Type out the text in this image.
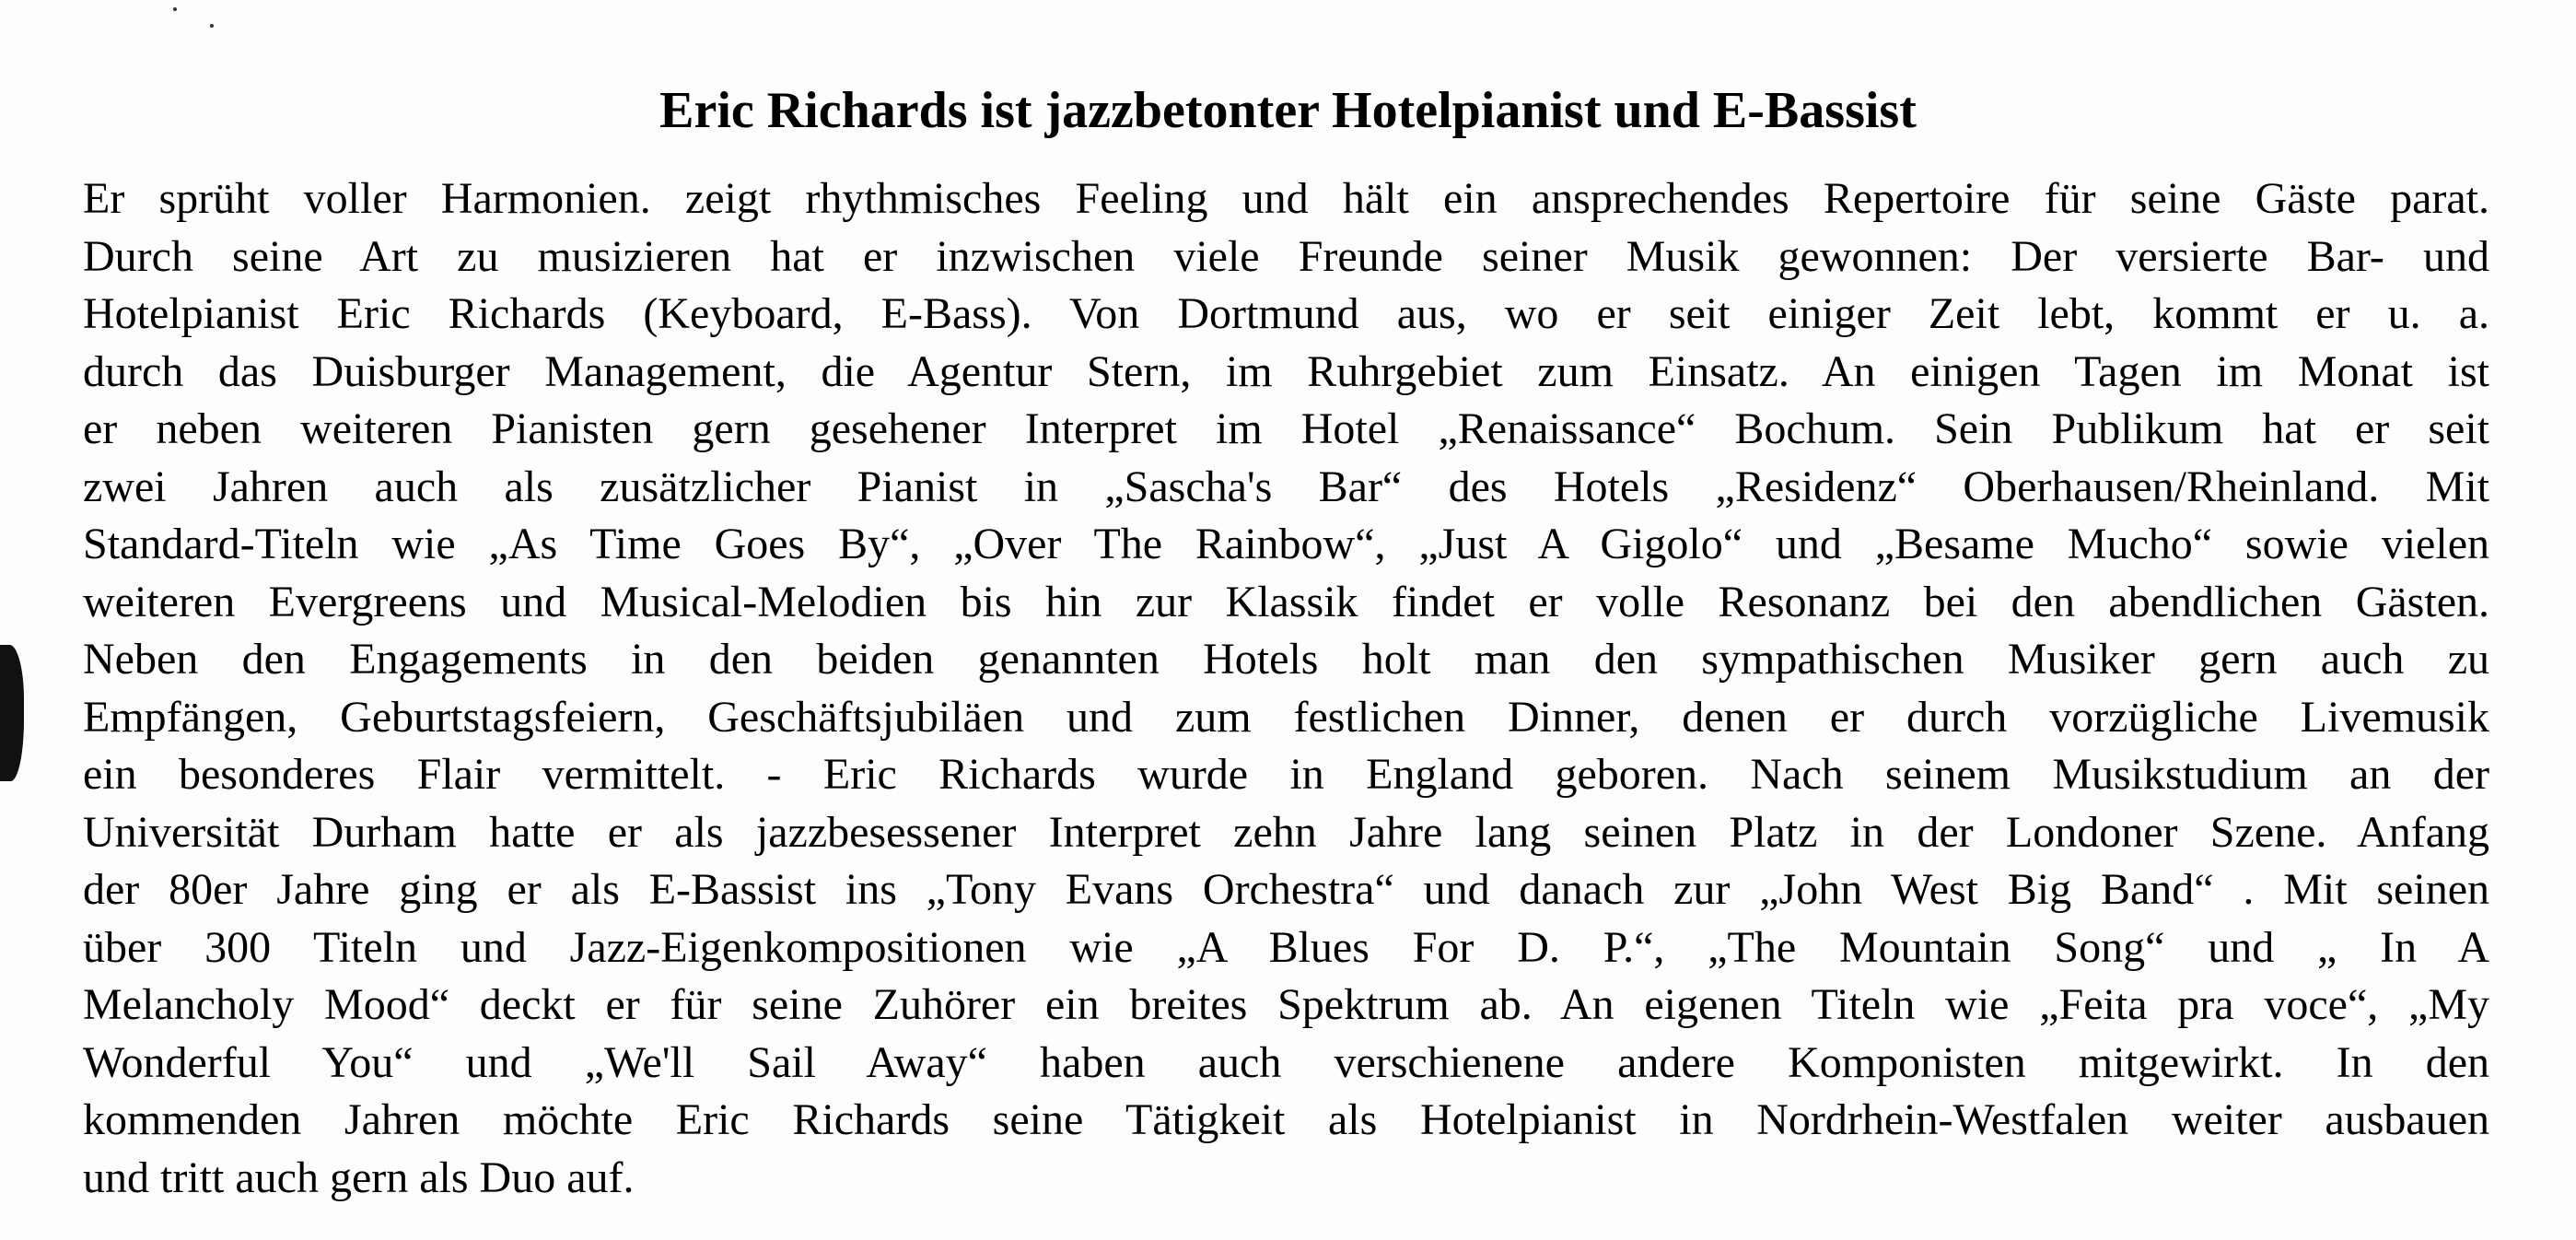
Eric Richards ist jazzbetonter Hotelpianist und E-Bassist
Er sprüht voller Harmonien. zeigt rhythmisches Feeling und hält ein ansprechendes Repertoire für seine Gäste parat.
Durch seine Art zu musizieren hat er inzwischen viele Freunde seiner Musik gewonnen: Der versierte Bar- und
Hotelpianist Eric Richards (Keyboard, E-Bass). Von Dortmund aus, wo er seit einiger Zeit lebt, kommt er u. a.
durch das Duisburger Management, die Agentur Stern, im Ruhrgebiet zum Einsatz. An einigen Tagen im Monat ist
er neben weiteren Pianisten gern gesehener Interpret im Hotel „Renaissance“ Bochum. Sein Publikum hat er seit
zwei Jahren auch als zusätzlicher Pianist in „Sascha's Bar“ des Hotels „Residenz“ Oberhausen/Rheinland. Mit
Standard-Titeln wie „As Time Goes By“, „Over The Rainbow“, „Just A Gigolo“ und „Besame Mucho“ sowie vielen
weiteren Evergreens und Musical-Melodien bis hin zur Klassik findet er volle Resonanz bei den abendlichen Gästen.
Neben den Engagements in den beiden genannten Hotels holt man den sympathischen Musiker gern auch zu
Empfängen, Geburtstagsfeiern, Geschäftsjubiläen und zum festlichen Dinner, denen er durch vorzügliche Livemusik
ein besonderes Flair vermittelt. - Eric Richards wurde in England geboren. Nach seinem Musikstudium an der
Universität Durham hatte er als jazzbesessener Interpret zehn Jahre lang seinen Platz in der Londoner Szene. Anfang
der 80er Jahre ging er als E-Bassist ins „Tony Evans Orchestra“ und danach zur „John West Big Band“ . Mit seinen
über 300 Titeln und Jazz-Eigenkompositionen wie „A Blues For D. P.“, „The Mountain Song“ und „ In A
Melancholy Mood“ deckt er für seine Zuhörer ein breites Spektrum ab. An eigenen Titeln wie „Feita pra voce“, „My
Wonderful You“ und „We'll Sail Away“ haben auch verschienene andere Komponisten mitgewirkt. In den
kommenden Jahren möchte Eric Richards seine Tätigkeit als Hotelpianist in Nordrhein-Westfalen weiter ausbauen
und tritt auch gern als Duo auf.
